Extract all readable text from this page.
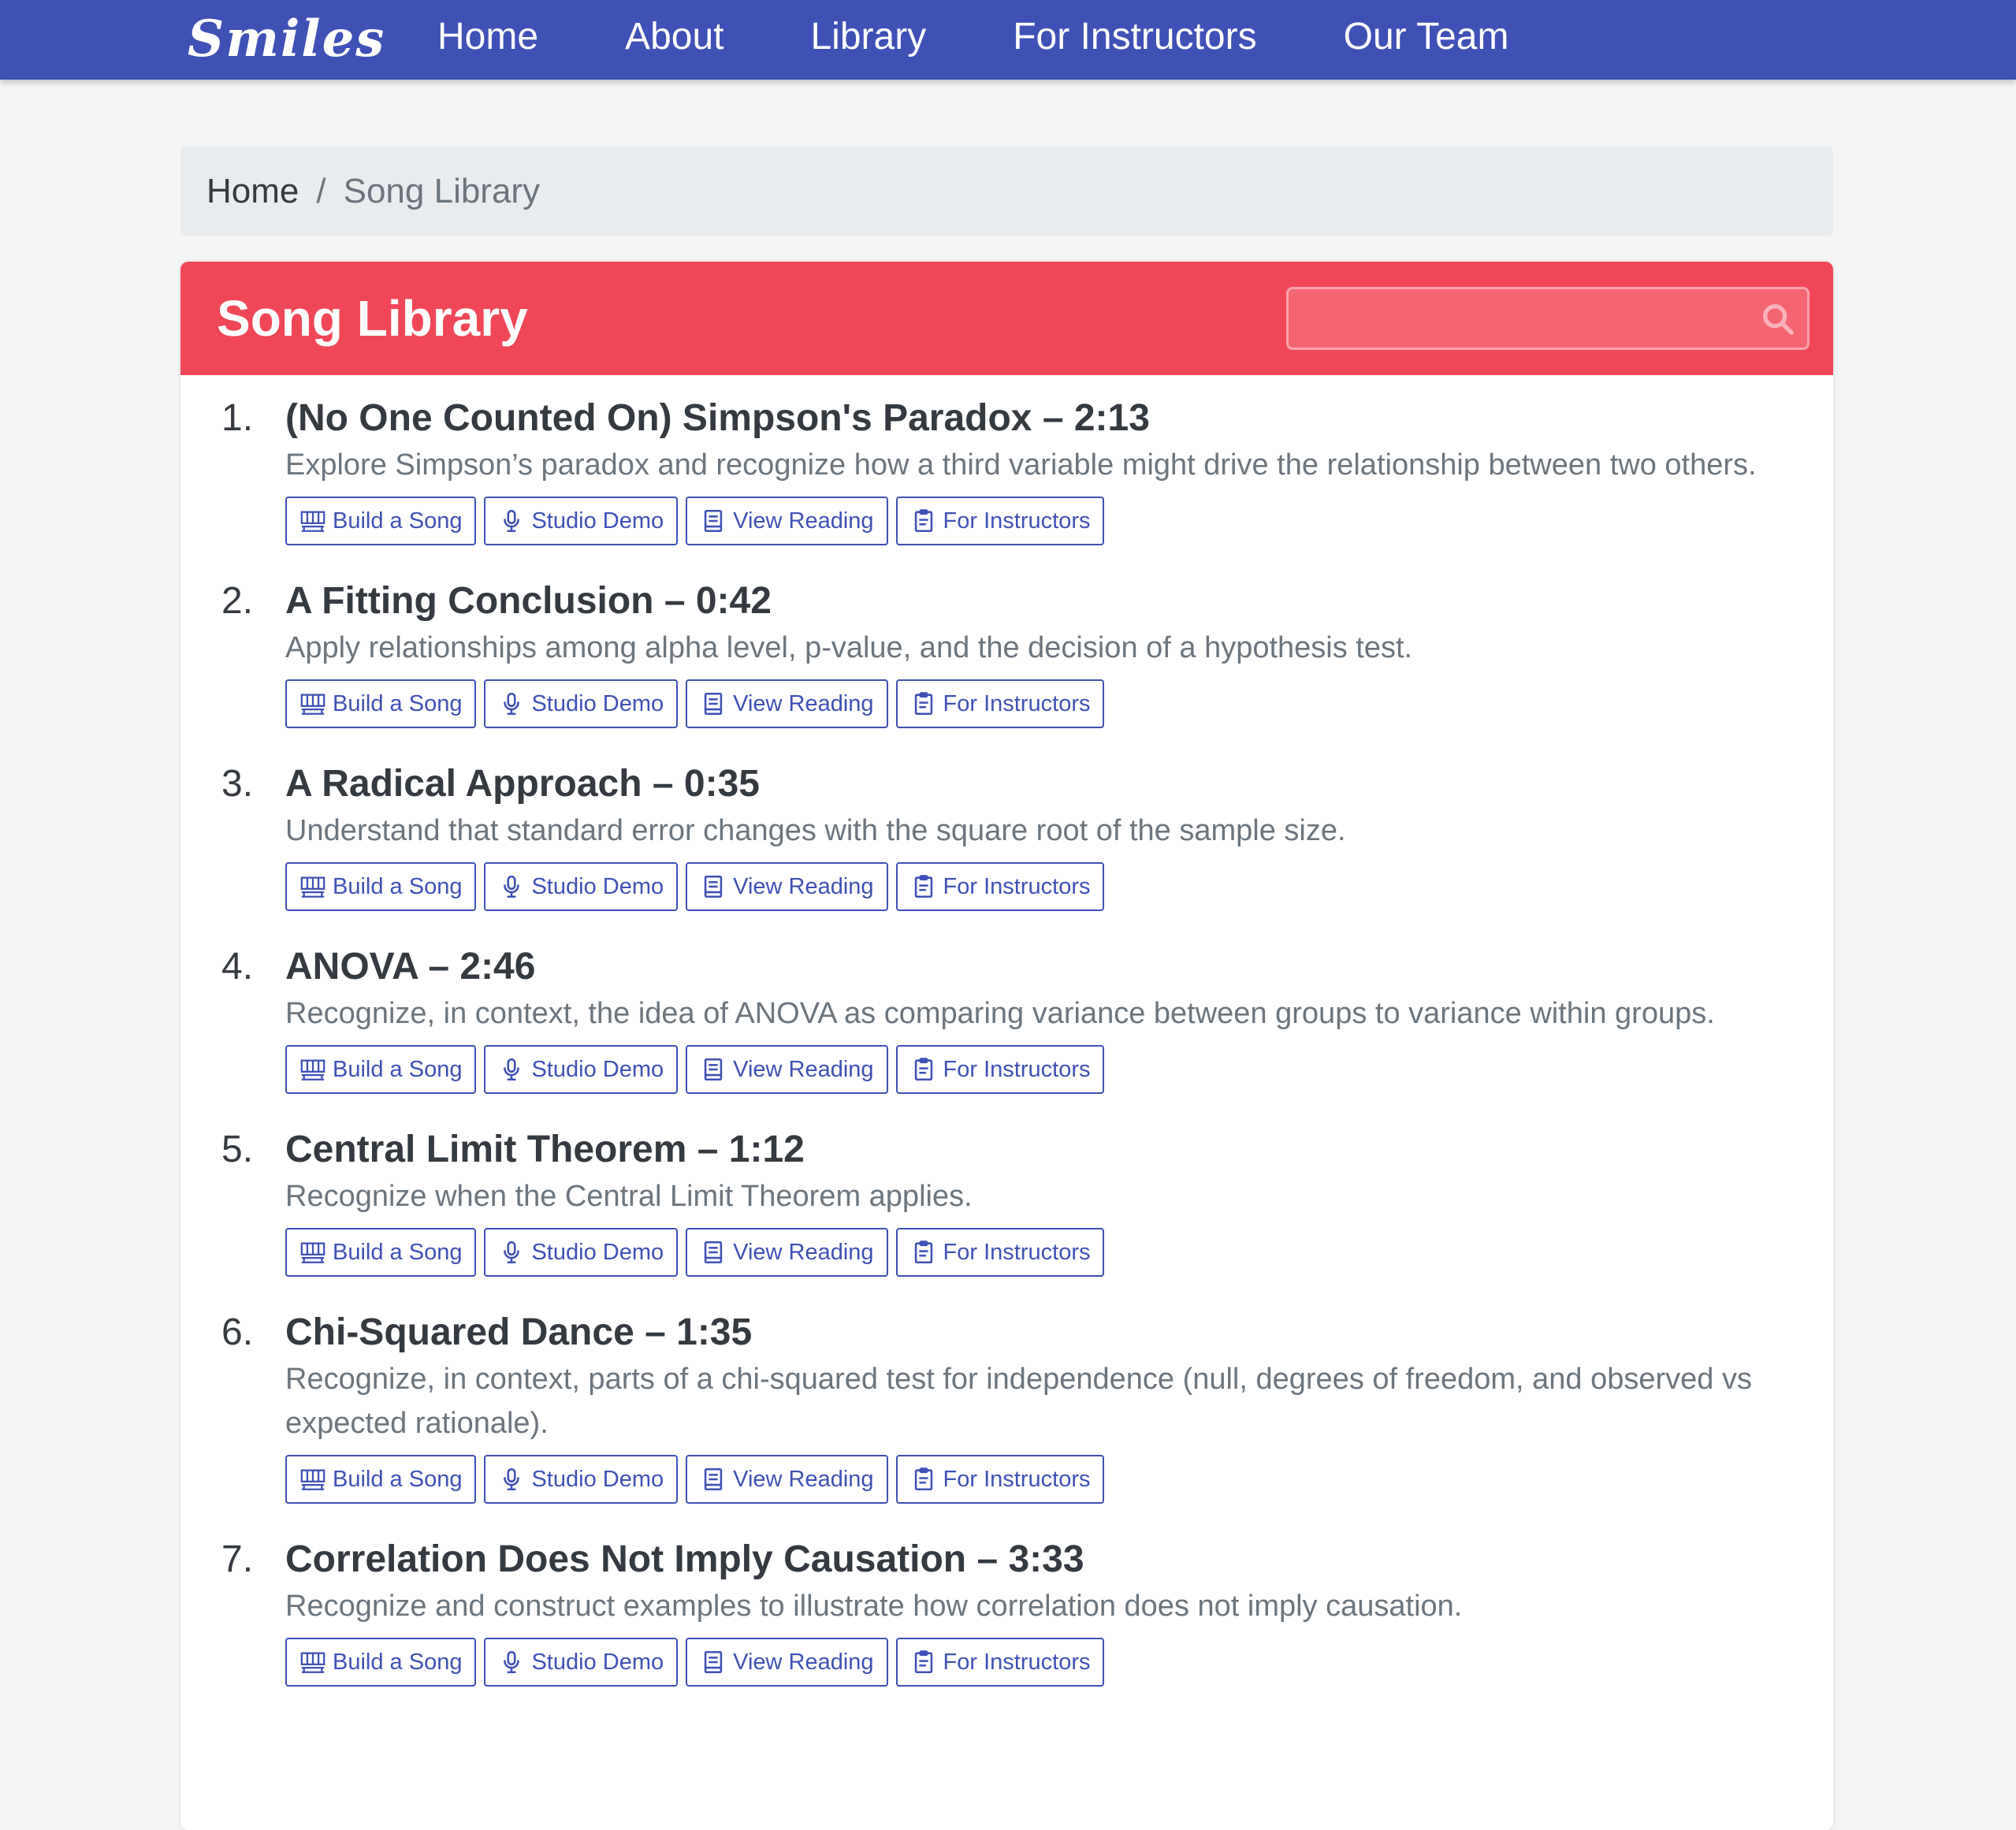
Smiles Home About Library For Instructors Our Team
Home / Song Library
Song Library
1. (No One Counted On) Simpson's Paradox – 2:13

Explore Simpson’s paradox and recognize how a third variable might drive the relationship between two others.

Build a Song	Studio Demo	View Reading	For Instructors
2. A Fitting Conclusion – 0:42

Apply relationships among alpha level, p-value, and the decision of a hypothesis test.

Build a Song	Studio Demo	View Reading	For Instructors
3. A Radical Approach – 0:35

Understand that standard error changes with the square root of the sample size.

Build a Song	Studio Demo	View Reading	For Instructors
4. ANOVA – 2:46

Recognize, in context, the idea of ANOVA as comparing variance between groups to variance within groups.

Build a Song	Studio Demo	View Reading	For Instructors
5. Central Limit Theorem – 1:12

Recognize when the Central Limit Theorem applies.

Build a Song	Studio Demo	View Reading	For Instructors
6. Chi-Squared Dance – 1:35

Recognize, in context, parts of a chi-squared test for independence (null, degrees of freedom, and observed vs expected rationale).

Build a Song	Studio Demo	View Reading	For Instructors
7. Correlation Does Not Imply Causation – 3:33

Recognize and construct examples to illustrate how correlation does not imply causation.

Build a Song	Studio Demo	View Reading	For Instructors
